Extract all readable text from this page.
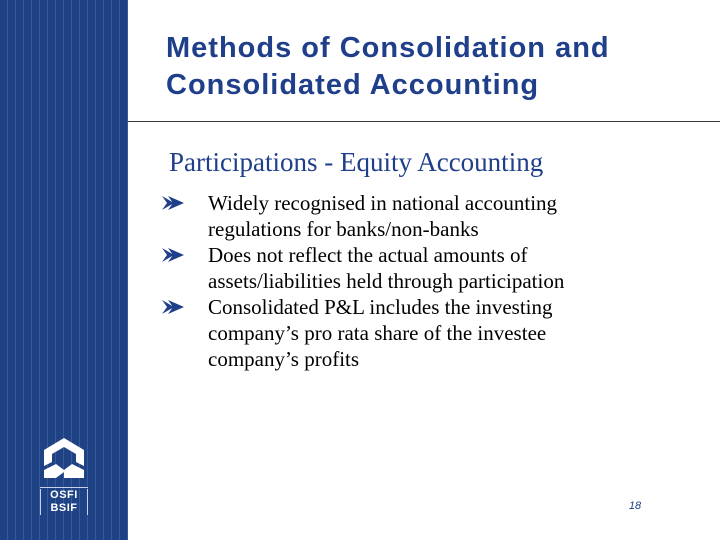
OSFI
BSIF
Methods of Consolidation and Consolidated Accounting
Participations - Equity Accounting
Widely recognised in national accounting regulations for banks/non-banks
Does not reflect the actual amounts of assets/liabilities held through participation
Consolidated P&L includes the investing company’s pro rata share of the investee company’s profits
18
